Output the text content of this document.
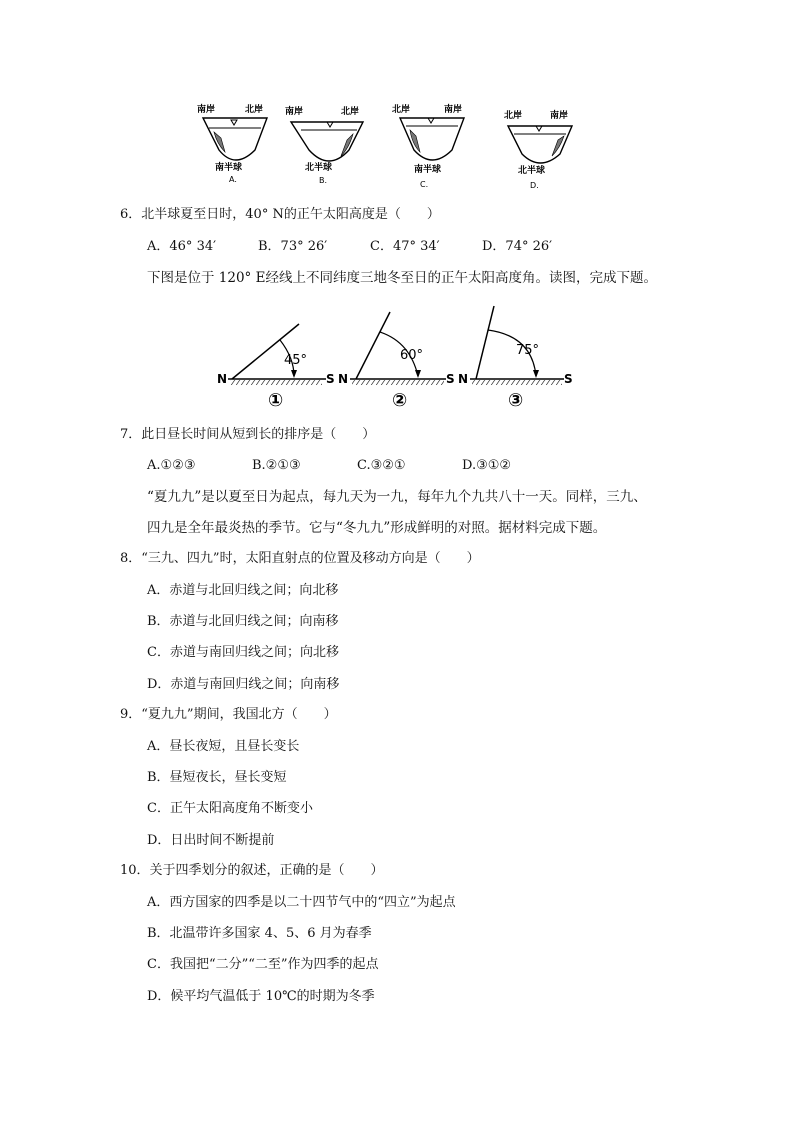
南岸	北岸
南半球
A.
南岸	北岸
北半球
B.
北岸	南岸
南半球
C.
北岸	南岸
北半球
D.
6．北半球夏至日时，40° N的正午太阳高度是（　　）
A．46° 34′	B．73° 26′	C．47° 34′	D．74° 26′
下图是位于 120° E经线上不同纬度三地冬至日的正午太阳高度角。读图，完成下题。
N
45°
S
①
N
60°
S
②
N
75°
S
③
7．此日昼长时间从短到长的排序是（　　）
A.①②③	B.②①③	C.③②①	D.③①②
“夏九九”是以夏至日为起点，每九天为一九，每年九个九共八十一天。同样，三九、
四九是全年最炎热的季节。它与“冬九九”形成鲜明的对照。据材料完成下题。
8．“三九、四九”时，太阳直射点的位置及移动方向是（　　）
A．赤道与北回归线之间；向北移
B．赤道与北回归线之间；向南移
C．赤道与南回归线之间；向北移
D．赤道与南回归线之间；向南移
9．“夏九九”期间，我国北方（　　）
A．昼长夜短，且昼长变长
B．昼短夜长，昼长变短
C．正午太阳高度角不断变小
D．日出时间不断提前
10．关于四季划分的叙述，正确的是（　　）
A．西方国家的四季是以二十四节气中的“四立”为起点
B．北温带许多国家 4、5、6 月为春季
C．我国把“二分”“二至”作为四季的起点
D．候平均气温低于 10℃的时期为冬季
